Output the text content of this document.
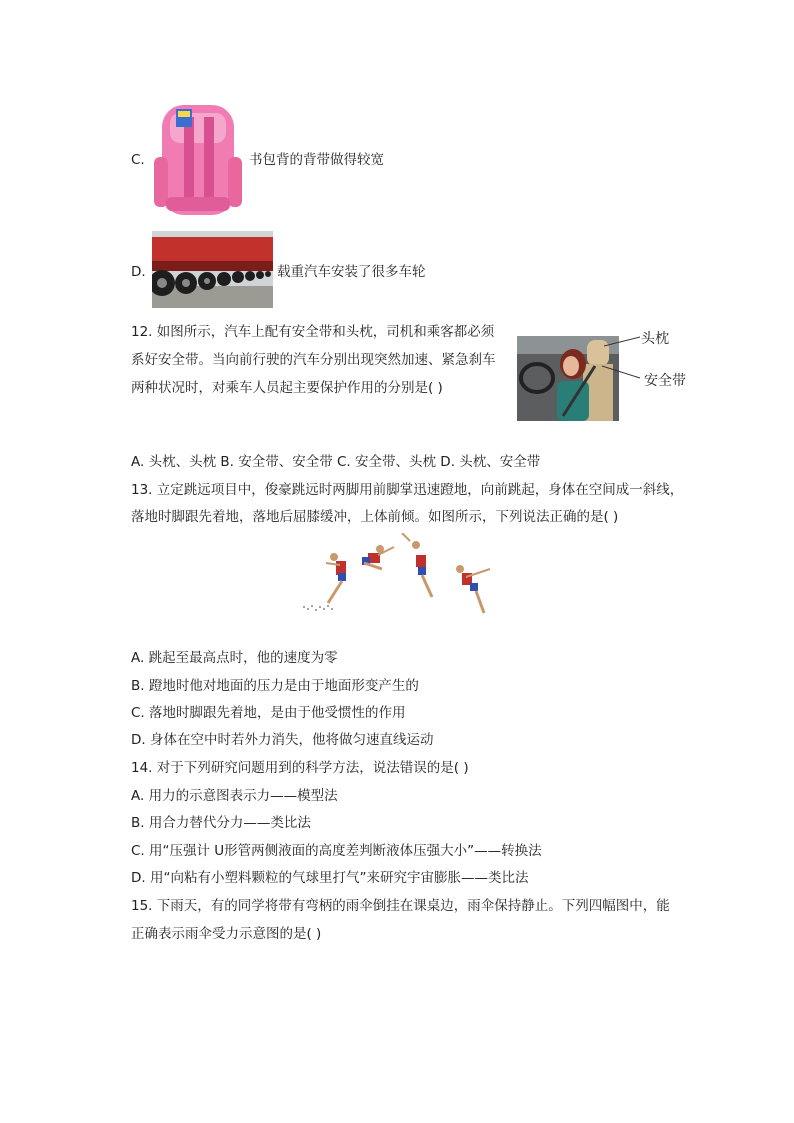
C.	书包背的背带做得较宽
D.	载重汽车安装了很多车轮
12. 如图所示，汽车上配有安全带和头枕，司机和乘客都必须
系好安全带。当向前行驶的汽车分别出现突然加速、紧急刹车
两种状况时，对乘车人员起主要保护作用的分别是( )
头枕
安全带
A. 头枕、头枕 B. 安全带、安全带 C. 安全带、头枕 D. 头枕、安全带
13. 立定跳远项目中，俊豪跳远时两脚用前脚掌迅速蹬地，向前跳起，身体在空间成一斜线，
落地时脚跟先着地，落地后屈膝缓冲，上体前倾。如图所示，下列说法正确的是( )
A. 跳起至最高点时，他的速度为零
B. 蹬地时他对地面的压力是由于地面形变产生的
C. 落地时脚跟先着地，是由于他受惯性的作用
D. 身体在空中时若外力消失，他将做匀速直线运动
14. 对于下列研究问题用到的科学方法，说法错误的是( )
A. 用力的示意图表示力——模型法
B. 用合力替代分力——类比法
C. 用“压强计 U形管两侧液面的高度差判断液体压强大小”——转换法
D. 用“向粘有小塑料颗粒的气球里打气”来研究宇宙膨胀——类比法
15. 下雨天，有的同学将带有弯柄的雨伞倒挂在课桌边，雨伞保持静止。下列四幅图中，能
正确表示雨伞受力示意图的是( )
